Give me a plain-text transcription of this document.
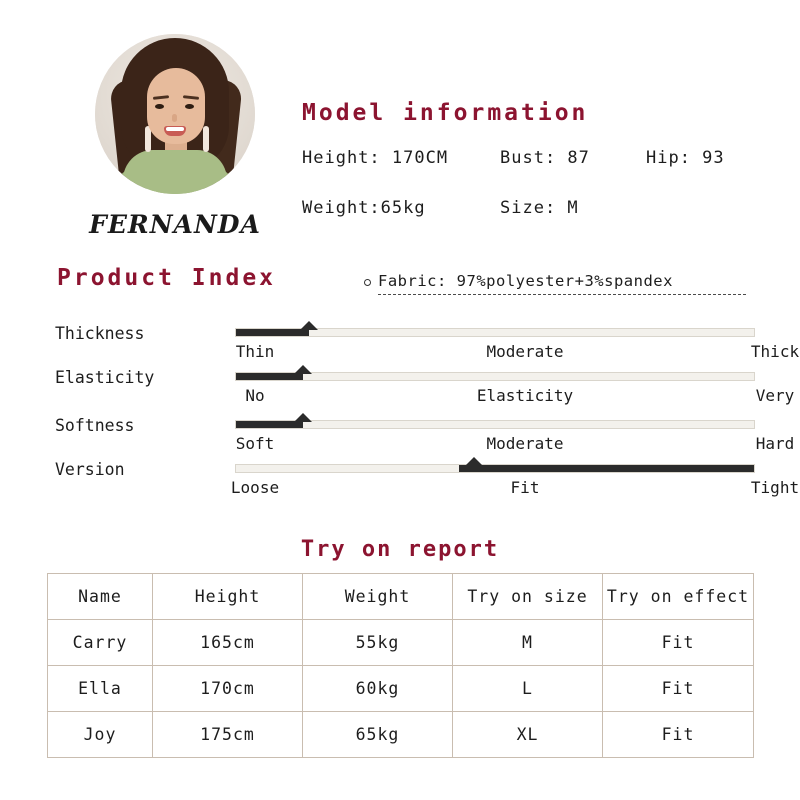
FERNANDA
Model information
Height: 170CM	Bust: 87	Hip: 93
Weight:65kg	Size: M
Product Index	Fabric: 97%polyester+3%spandex
Thickness
Thin	Moderate	Thick
Elasticity
No	Elasticity	Very
Softness
Soft	Moderate	Hard
Version
Loose	Fit	Tight
Try on report
Name	Height	Weight	Try on size	Try on effect
Carry	165cm	55kg	M	Fit
Ella	170cm	60kg	L	Fit
Joy	175cm	65kg	XL	Fit
